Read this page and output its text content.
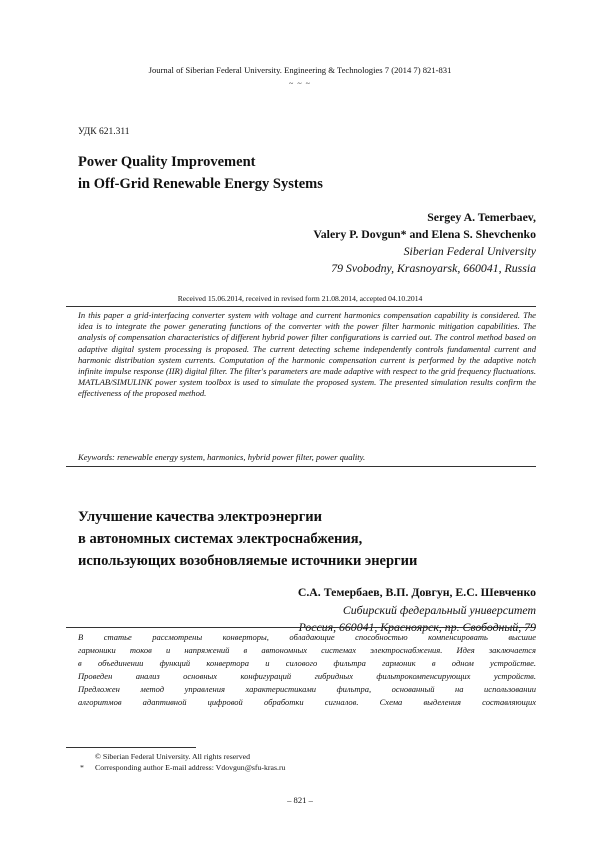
Journal of Siberian Federal University. Engineering & Technologies 7 (2014 7) 821-831
~ ~ ~
УДК 621.311
Power Quality Improvement
in Off-Grid Renewable Energy Systems
Sergey A. Temerbaev,
Valery P. Dovgun* and Elena S. Shevchenko
Siberian Federal University
79 Svobodny, Krasnoyarsk, 660041, Russia
Received 15.06.2014, received in revised form 21.08.2014, accepted 04.10.2014
In this paper a grid-interfacing converter system with voltage and current harmonics compensation capability is considered. The idea is to integrate the power generating functions of the converter with the power filter harmonic mitigation capabilities. The analysis of compensation characteristics of different hybrid power filter configurations is carried out. The control method based on adaptive digital system processing is proposed. The current detecting scheme independently controls fundamental current and harmonic distribution system currents. Computation of the harmonic compensation current is performed by the adaptive notch infinite impulse response (IIR) digital filter. The filter's parameters are made adaptive with respect to the grid frequency fluctuations. MATLAB/SIMULINK power system toolbox is used to simulate the proposed system. The presented simulation results confirm the effectiveness of the proposed method.
Keywords: renewable energy system, harmonics, hybrid power filter, power quality.
Улучшение качества электроэнергии
в автономных системах электроснабжения,
использующих возобновляемые источники энергии
С.А. Темербаев, В.П. Довгун, Е.С. Шевченко
Сибирский федеральный университет
Россия, 660041, Красноярск, пр. Свободный, 79
В статье рассмотрены конверторы, обладающие способностью компенсировать высшие
гармоники токов и напряжений в автономных системах электроснабжения. Идея заключается
в объединении функций конвертора и силового фильтра гармоник в одном устройстве.
Проведен анализ основных конфигураций гибридных фильтрокомпенсирующих устройств.
Предложен метод управления характеристиками фильтра, основанный на использовании
алгоритмов адаптивной цифровой обработки сигналов. Схема выделения составляющих
© Siberian Federal University. All rights reserved
* Corresponding author E-mail address: Vdovgun@sfu-kras.ru
– 821 –
